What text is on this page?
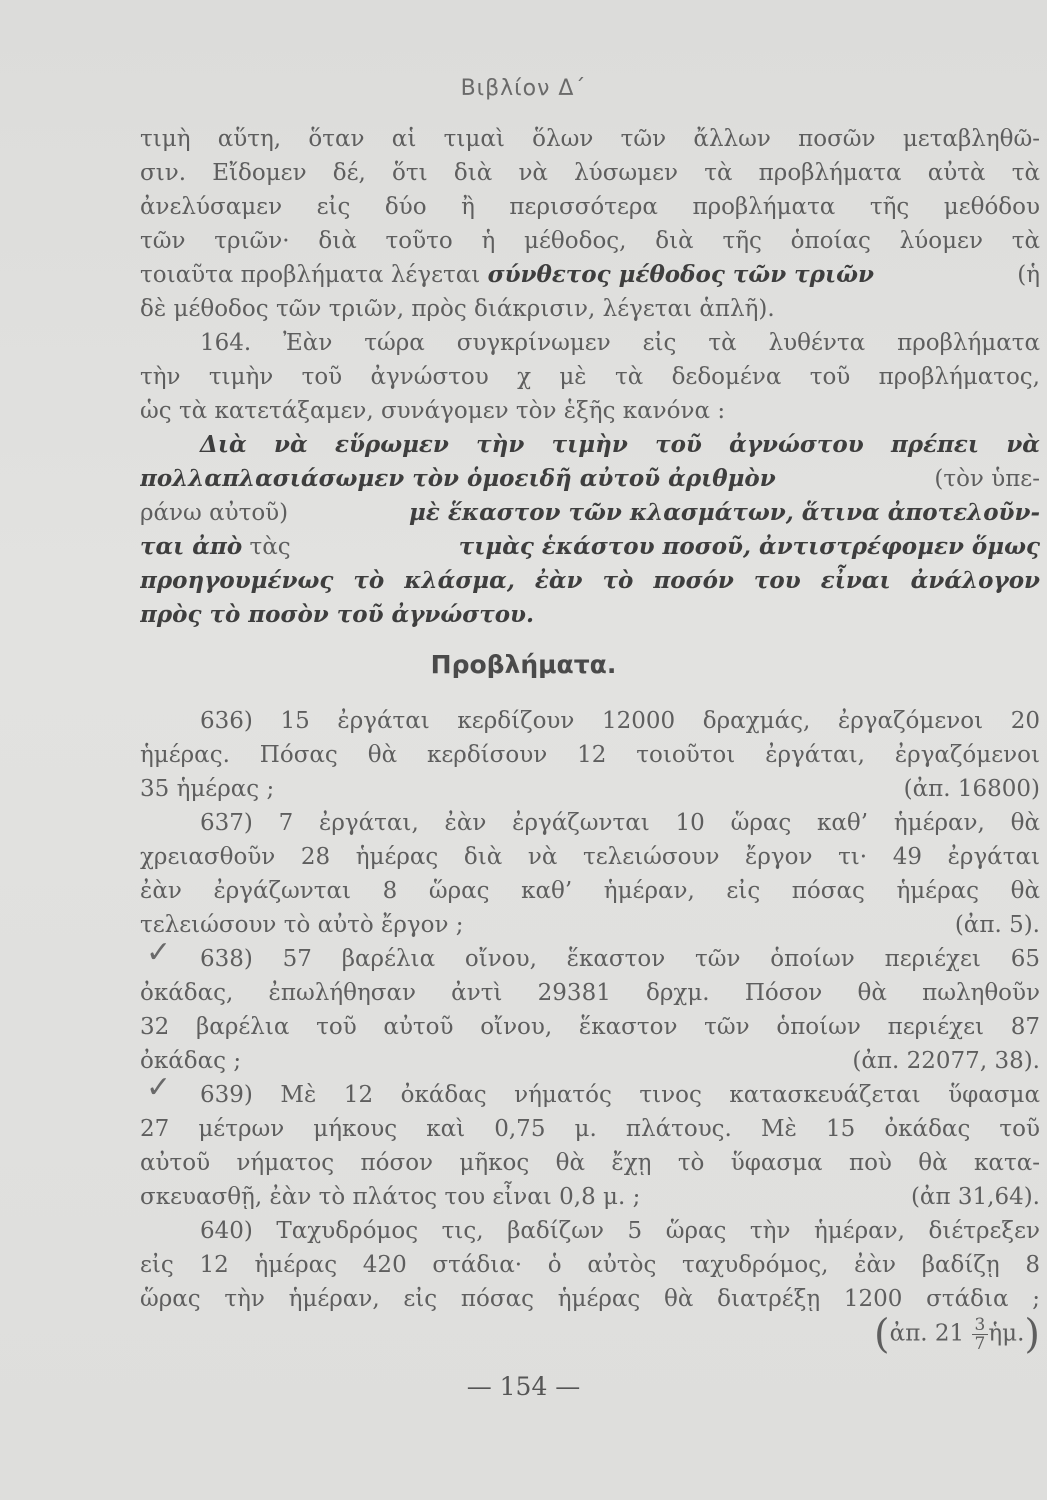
Βιβλίον Δ΄
τιμὴ αὕτη, ὅταν αἱ τιμαὶ ὅλων τῶν ἄλλων ποσῶν μεταβληθῶ-
σιν. Εἴδομεν δέ, ὅτι διὰ νὰ λύσωμεν τὰ προβλήματα αὐτὰ τὰ
ἀνελύσαμεν εἰς δύο ἢ περισσότερα προβλήματα τῆς μεθόδου
τῶν τριῶν· διὰ τοῦτο ἡ μέθοδος, διὰ τῆς ὁποίας λύομεν τὰ
τοιαῦτα προβλήματα λέγεται σύνθετος μέθοδος τῶν τριῶν	(ἡ
δὲ μέθοδος τῶν τριῶν, πρὸς διάκρισιν, λέγεται ἁπλῆ).
164. Ἐὰν τώρα συγκρίνωμεν εἰς τὰ λυθέντα προβλήματα
τὴν τιμὴν τοῦ ἀγνώστου χ μὲ τὰ δεδομένα τοῦ προβλήματος,
ὡς τὰ κατετάξαμεν, συνάγομεν τὸν ἑξῆς κανόνα :
Διὰ νὰ εὕρωμεν τὴν τιμὴν τοῦ ἀγνώστου πρέπει νὰ
πολλαπλασιάσωμεν τὸν ὁμοειδῆ αὐτοῦ ἀριθμὸν	(τὸν ὑπε-
ράνω αὐτοῦ)	μὲ ἕκαστον τῶν κλασμάτων, ἅτινα ἀποτελοῦν-
ται ἀπὸ τὰς	τιμὰς ἑκάστου ποσοῦ, ἀντιστρέφομεν ὅμως
προηγουμένως τὸ κλάσμα, ἐὰν τὸ ποσόν του εἶναι ἀνάλογον
πρὸς τὸ ποσὸν τοῦ ἀγνώστου.
Προβλήματα.
636) 15 ἐργάται κερδίζουν 12000 δραχμάς, ἐργαζόμενοι 20
ἡμέρας. Πόσας θὰ κερδίσουν 12 τοιοῦτοι ἐργάται, ἐργαζόμενοι
35 ἡμέρας ;	(ἀπ. 16800)
637) 7 ἐργάται, ἐὰν ἐργάζωνται 10 ὥρας καθ’ ἡμέραν, θὰ
χρειασθοῦν 28 ἡμέρας διὰ νὰ τελειώσουν ἔργον τι· 49 ἐργάται
ἐὰν ἐργάζωνται 8 ὥρας καθ’ ἡμέραν, εἰς πόσας ἡμέρας θὰ
τελειώσουν τὸ αὐτὸ ἔργον ;	(ἀπ. 5).
638) 57 βαρέλια οἴνου, ἕκαστον τῶν ὁποίων περιέχει 65
ὀκάδας, ἐπωλήθησαν ἀντὶ 29381 δρχμ. Πόσον θὰ πωληθοῦν
32 βαρέλια τοῦ αὐτοῦ οἴνου, ἕκαστον τῶν ὁποίων περιέχει 87
ὀκάδας ;	(ἀπ. 22077, 38).
639) Μὲ 12 ὀκάδας νήματός τινος κατασκευάζεται ὕφασμα
27 μέτρων μήκους καὶ 0,75 μ. πλάτους. Μὲ 15 ὀκάδας τοῦ
αὐτοῦ νήματος πόσον μῆκος θὰ ἔχῃ τὸ ὕφασμα ποὺ θὰ κατα-
σκευασθῇ, ἐὰν τὸ πλάτος του εἶναι 0,8 μ. ;	(ἀπ 31,64).
640) Ταχυδρόμος τις, βαδίζων 5 ὥρας τὴν ἡμέραν, διέτρεξεν
εἰς 12 ἡμέρας 420 στάδια· ὁ αὐτὸς ταχυδρόμος, ἐὰν βαδίζῃ 8
ὥρας τὴν ἡμέραν, εἰς πόσας ἡμέρας θὰ διατρέξῃ 1200 στάδια ;
(ἀπ. $21 \frac{3}{7}$ ἡμ.)
✓
✓
— 154 —
